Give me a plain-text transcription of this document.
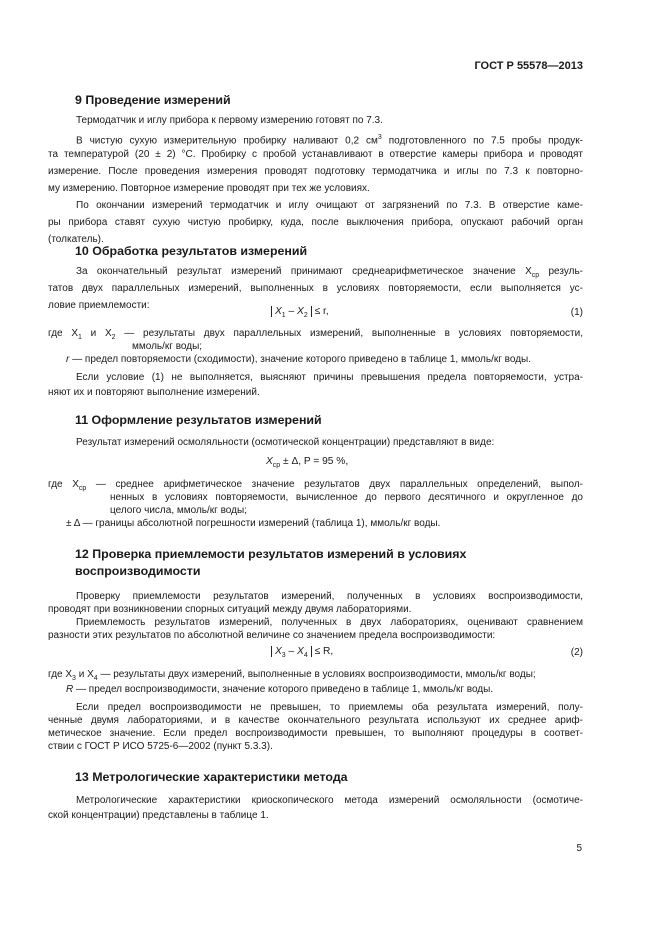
ГОСТ Р 55578—2013
9 Проведение измерений
Термодатчик и иглу прибора к первому измерению готовят по 7.3.
В чистую сухую измерительную пробирку наливают 0,2 $см^3$ подготовленного по 7.5 пробы продук-
та температурой (20 ± 2) °С. Пробирку с пробой устанавливают в отверстие камеры прибора и проводят
измерение. После проведения измерения проводят подготовку термодатчика и иглы по 7.3 к повторно-
му измерению. Повторное измерение проводят при тех же условиях.
По окончании измерений термодатчик и иглу очищают от загрязнений по 7.3. В отверстие каме-
ры прибора ставят сухую чистую пробирку, куда, после выключения прибора, опускают рабочий орган
(толкатель).
10 Обработка результатов измерений
За окончательный результат измерений принимают среднеарифметическое значение $X_{ср}$ резуль-
татов двух параллельных измерений, выполненных в условиях повторяемости, если выполняется ус-
ловие приемлемости:
$X_1 - X_2 \le r$,	(1)
где $X_1$ и $X_2$ — результаты двух параллельных измерений, выполненные в условиях повторяемости,
ммоль/кг воды;
r — предел повторяемости (сходимости), значение которого приведено в таблице 1, ммоль/кг воды.
Если условие (1) не выполняется, выясняют причины превышения предела повторяемости, устра-
няют их и повторяют выполнение измерений.
11 Оформление результатов измерений
Результат измерений осмоляльности (осмотической концентрации) представляют в виде:
$X_{ср} \pm \Delta$, P = 95 %,
где $X_{ср}$ — среднее арифметическое значение результатов двух параллельных определений, выпол-
ненных в условиях повторяемости, вычисленное до первого десятичного и округленное до
целого числа, ммоль/кг воды;
± Δ — границы абсолютной погрешности измерений (таблица 1), ммоль/кг воды.
12 Проверка приемлемости результатов измерений в условиях
воспроизводимости
Проверку приемлемости результатов измерений, полученных в условиях воспроизводимости,
проводят при возникновении спорных ситуаций между двумя лабораториями.
Приемлемость результатов измерений, полученных в двух лабораториях, оценивают сравнением
разности этих результатов по абсолютной величине со значением предела воспроизводимости:
$X_3 - X_4 \le R$,	(2)
где $X_3$ и $X_4$ — результаты двух измерений, выполненные в условиях воспроизводимости, ммоль/кг воды;
R — предел воспроизводимости, значение которого приведено в таблице 1, ммоль/кг воды.
Если предел воспроизводимости не превышен, то приемлемы оба результата измерений, полу-
ченные двумя лабораториями, и в качестве окончательного результата используют их среднее ариф-
метическое значение. Если предел воспроизводимости превышен, то выполняют процедуры в соответ-
ствии с ГОСТ Р ИСО 5725-6—2002 (пункт 5.3.3).
13 Метрологические характеристики метода
Метрологические характеристики криоскопического метода измерений осмоляльности (осмотиче-
ской концентрации) представлены в таблице 1.
5
